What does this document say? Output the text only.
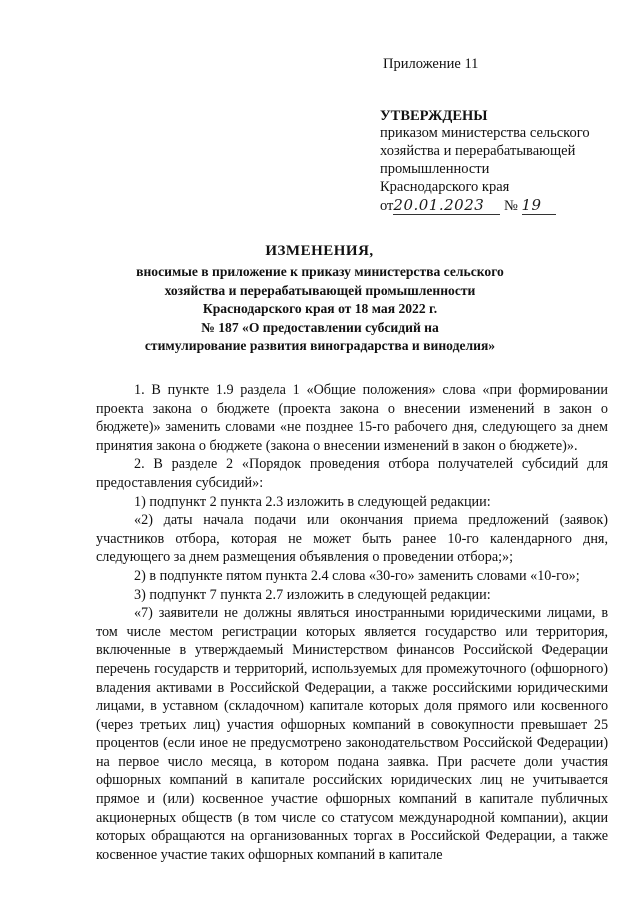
Приложение 11
УТВЕРЖДЕНЫ
приказом министерства сельского
хозяйства и перерабатывающей
промышленности
Краснодарского края
от20.01.2023 № 19
ИЗМЕНЕНИЯ,
вносимые в приложение к приказу министерства сельского
хозяйства и перерабатывающей промышленности
Краснодарского края от 18 мая 2022 г.
№ 187 «О предоставлении субсидий на
стимулирование развития виноградарства и виноделия»

1. В пункте 1.9 раздела 1 «Общие положения» слова «при формировании проекта закона о бюджете (проекта закона о внесении изменений в закон о бюджете)» заменить словами «не позднее 15-го рабочего дня, следующего за днем принятия закона о бюджете (закона о внесении изменений в закон о бюджете)».

2. В разделе 2 «Порядок проведения отбора получателей субсидий для предоставления субсидий»:

1) подпункт 2 пункта 2.3 изложить в следующей редакции:

«2) даты начала подачи или окончания приема предложений (заявок) участников отбора, которая не может быть ранее 10-го календарного дня, следующего за днем размещения объявления о проведении отбора;»;

2) в подпункте пятом пункта 2.4 слова «30-го» заменить словами «10-го»;

3) подпункт 7 пункта 2.7 изложить в следующей редакции:

«7) заявители не должны являться иностранными юридическими лицами, в том числе местом регистрации которых является государство или территория, включенные в утверждаемый Министерством финансов Российской Федерации перечень государств и территорий, используемых для промежуточного (офшорного) владения активами в Российской Федерации, а также российскими юридическими лицами, в уставном (складочном) капитале которых доля прямого или косвенного (через третьих лиц) участия офшорных компаний в совокупности превышает 25 процентов (если иное не предусмотрено законодательством Российской Федерации) на первое число месяца, в котором подана заявка. При расчете доли участия офшорных компаний в капитале российских юридических лиц не учитывается прямое и (или) косвенное участие офшорных компаний в капитале публичных акционерных обществ (в том числе со статусом международной компании), акции которых обращаются на организованных торгах в Российской Федерации, а также косвенное участие таких офшорных компаний в капитале
